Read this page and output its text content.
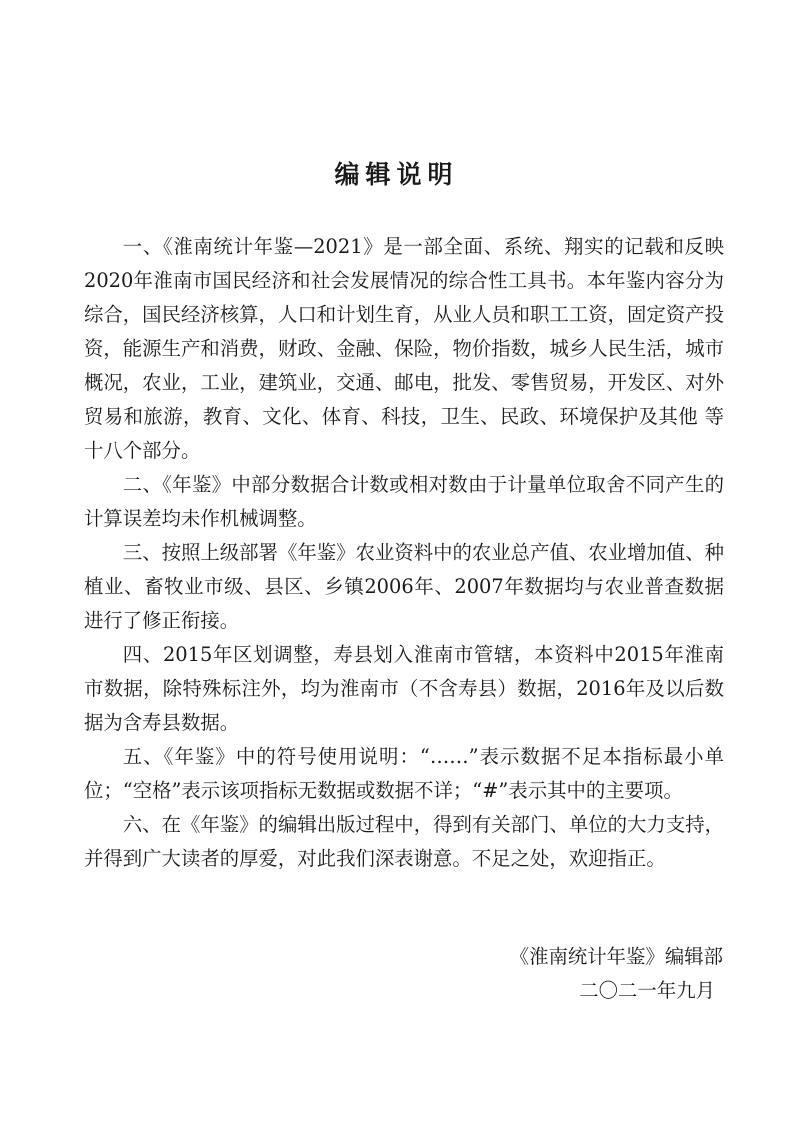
编辑说明

一、《淮南统计年鉴—2021》是一部全面、系统、翔实的记载和反映2020年淮南市国民经济和社会发展情况的综合性工具书。本年鉴内容分为综合，国民经济核算，人口和计划生育，从业人员和职工工资，固定资产投资，能源生产和消费，财政、金融、保险，物价指数，城乡人民生活，城市概况，农业，工业，建筑业，交通、邮电，批发、零售贸易，开发区、对外贸易和旅游，教育、文化、体育、科技，卫生、民政、环境保护及其他 等十八个部分。

二、《年鉴》中部分数据合计数或相对数由于计量单位取舍不同产生的计算误差均未作机械调整。

三、按照上级部署《年鉴》农业资料中的农业总产值、农业增加值、种植业、畜牧业市级、县区、乡镇2006年、2007年数据均与农业普查数据进行了修正衔接。

四、2015年区划调整，寿县划入淮南市管辖，本资料中2015年淮南市数据，除特殊标注外，均为淮南市（不含寿县）数据，2016年及以后数据为含寿县数据。

五、《年鉴》中的符号使用说明：“……”表示数据不足本指标最小单位；“空格”表示该项指标无数据或数据不详；“#”表示其中的主要项。

六、在《年鉴》的编辑出版过程中，得到有关部门、单位的大力支持，并得到广大读者的厚爱，对此我们深表谢意。不足之处，欢迎指正。

《淮南统计年鉴》编辑部
二〇二一年九月
